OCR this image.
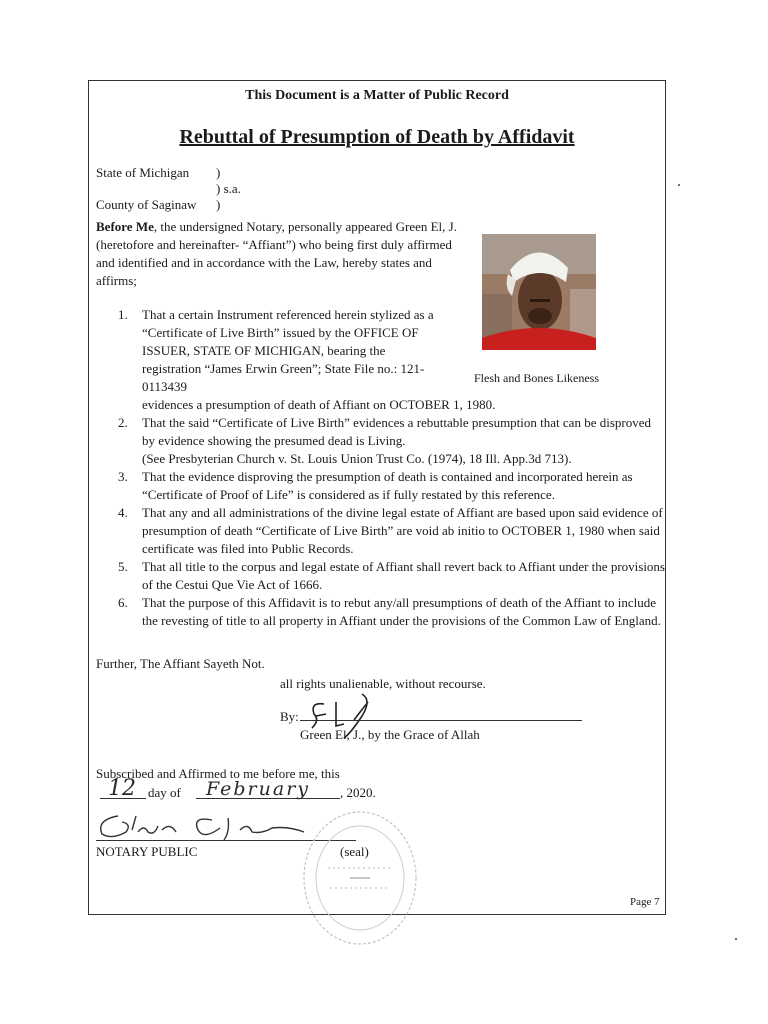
This Document is a Matter of Public Record
Rebuttal of Presumption of Death by Affidavit
State of Michigan )
) s.a.
County of Saginaw )
Before Me, the undersigned Notary, personally appeared Green El, J. (heretofore and hereinafter- “Affiant”) who being first duly affirmed and identified and in accordance with the Law, hereby states and affirms;
Flesh and Bones Likeness
1. That a certain Instrument referenced herein stylized as a “Certificate of Live Birth” issued by the OFFICE OF ISSUER, STATE OF MICHIGAN, bearing the registration “James Erwin Green”; State File no.: 121-0113439
evidences a presumption of death of Affiant on OCTOBER 1, 1980.
2. That the said “Certificate of Live Birth” evidences a rebuttable presumption that can be disproved by evidence showing the presumed dead is Living.
(See Presbyterian Church v. St. Louis Union Trust Co. (1974), 18 Ill. App.3d 713).
3. That the evidence disproving the presumption of death is contained and incorporated herein as “Certificate of Proof of Life” is considered as if fully restated by this reference.
4. That any and all administrations of the divine legal estate of Affiant are based upon said evidence of presumption of death “Certificate of Live Birth” are void ab initio to OCTOBER 1, 1980 when said certificate was filed into Public Records.
5. That all title to the corpus and legal estate of Affiant shall revert back to Affiant under the provisions of the Cestui Que Vie Act of 1666.
6. That the purpose of this Affidavit is to rebut any/all presumptions of death of the Affiant to include the revesting of title to all property in Affiant under the provisions of the Common Law of England.
Further, The Affiant Sayeth Not.
all rights unalienable, without recourse.
By:
Green El, J., by the Grace of Allah
Subscribed and Affirmed to me before me, this
12 day of February , 2020.
NOTARY PUBLIC	(seal)
Page 7
